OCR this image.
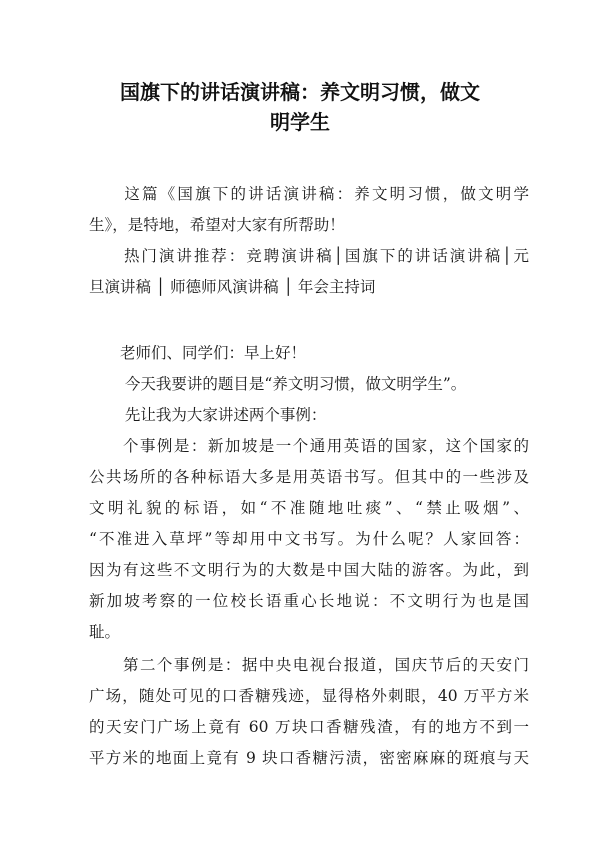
国旗下的讲话演讲稿：养文明习惯，做文
明学生

　　这篇《国旗下的讲话演讲稿：养文明习惯，做文明学

生》，是特地，希望对大家有所帮助！

　　热门演讲推荐：竞聘演讲稿│国旗下的讲话演讲稿│元

旦演讲稿 │ 师德师风演讲稿 │ 年会主持词

　　老师们、同学们：早上好！

　　 今天我要讲的题目是“养文明习惯，做文明学生”。

　　 先让我为大家讲述两个事例：

　　个事例是：新加坡是一个通用英语的国家，这个国家的

公共场所的各种标语大多是用英语书写。但其中的一些涉及

文明礼貌的标语，如“不准随地吐痰”、“禁止吸烟”、

“不准进入草坪”等却用中文书写。为什么呢？人家回答：

因为有这些不文明行为的大数是中国大陆的游客。为此，到

新加坡考察的一位校长语重心长地说：不文明行为也是国

耻。

　　第二个事例是：据中央电视台报道，国庆节后的天安门

广场，随处可见的口香糖残迹，显得格外刺眼，40 万平方米

的天安门广场上竟有 60 万块口香糖残渣，有的地方不到一

平方米的地面上竟有 9 块口香糖污渍，密密麻麻的斑痕与天
